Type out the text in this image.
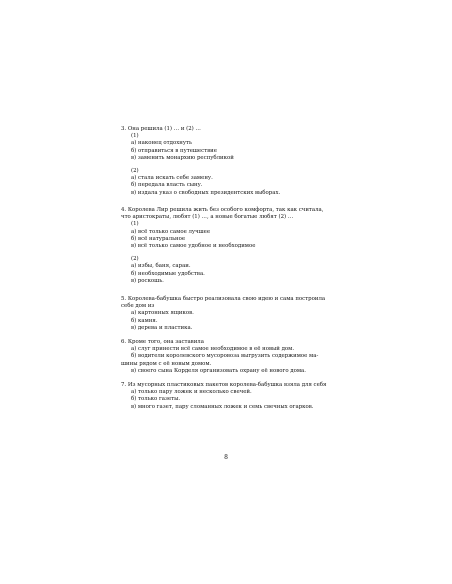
3. Она решила (1) … и (2) …
(1)
а) наконец отдохнуть
б) отправиться в путешествие
в) заменить монархию республикой
(2)
а) стала искать себе замену.
б) передала власть сыну.
в) издала указ о свободных президентских выборах.
4. Королева Лир решила жить без особого комфорта, так как считала,
что аристократы, любят (1) …, а новые богатые любят (2) …
(1)
а) всё только самое лучшее
б) всё натуральное
в) всё только самое удобное и необходимое
(2)
а) избы, баня, сараи.
б) необходимые удобства.
в) роскошь.
5. Королева-бабушка быстро реализовала свою идею и сама построила
себе дом из
а) картонных ящиков.
б) камня.
в) дерева и пластика.
6. Кроме того, она заставила
а) слуг принести всё самое необходимое в её новый дом.
б) водители королевского мусоровоза выгрузить содержимое ма-
шины рядом с её новым домом.
в) своего сына Корделя организовать охрану её нового дома.
7. Из мусорных пластиковых пакетов королева-бабушка взяла для себя
а) только пару ложек и несколько свечей.
б) только газеты.
в) много газет, пару сломанных ложек и семь свечных огарков.
8
